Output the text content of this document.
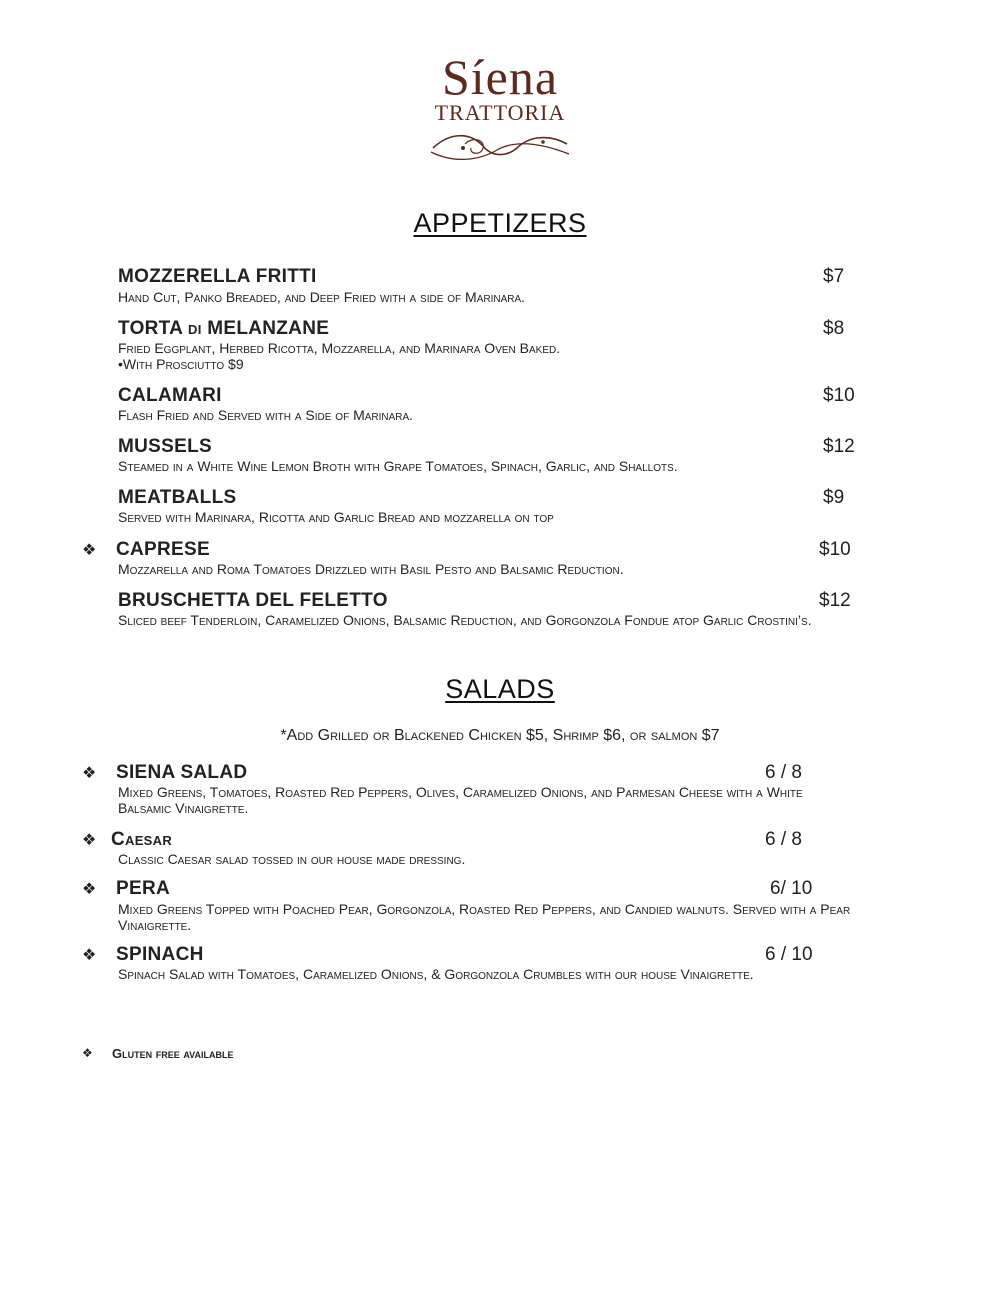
Síena
TRATTORIA
APPETIZERS
MOZZERELLA FRITTI	$7
Hand Cut, Panko Breaded, and Deep Fried with a side of Marinara.
TORTA di MELANZANE	$8
Fried Eggplant, Herbed Ricotta, Mozzarella, and Marinara Oven Baked.
•With Prosciutto $9
CALAMARI	$10
Flash Fried and Served with a Side of Marinara.
MUSSELS	$12
Steamed in a White Wine Lemon Broth with Grape Tomatoes, Spinach, Garlic, and Shallots.
MEATBALLS	$9
Served with Marinara, Ricotta and Garlic Bread and mozzarella on top
❖ CAPRESE	$10
Mozzarella and Roma Tomatoes Drizzled with Basil Pesto and Balsamic Reduction.
BRUSCHETTA DEL FELETTO	$12
Sliced beef Tenderloin, Caramelized Onions, Balsamic Reduction, and Gorgonzola Fondue atop Garlic Crostini’s.
SALADS
*Add Grilled or Blackened Chicken $5, Shrimp $6, or salmon $7
❖ SIENA SALAD	6 / 8
Mixed Greens, Tomatoes, Roasted Red Peppers, Olives, Caramelized Onions, and Parmesan Cheese with a White Balsamic Vinaigrette.
❖ Caesar	6 / 8
Classic Caesar salad tossed in our house made dressing.
❖ PERA	6/ 10
Mixed Greens Topped with Poached Pear, Gorgonzola, Roasted Red Peppers, and Candied walnuts. Served with a Pear Vinaigrette.
❖ SPINACH	6 / 10
Spinach Salad with Tomatoes, Caramelized Onions, & Gorgonzola Crumbles with our house Vinaigrette.
❖ Gluten free available
